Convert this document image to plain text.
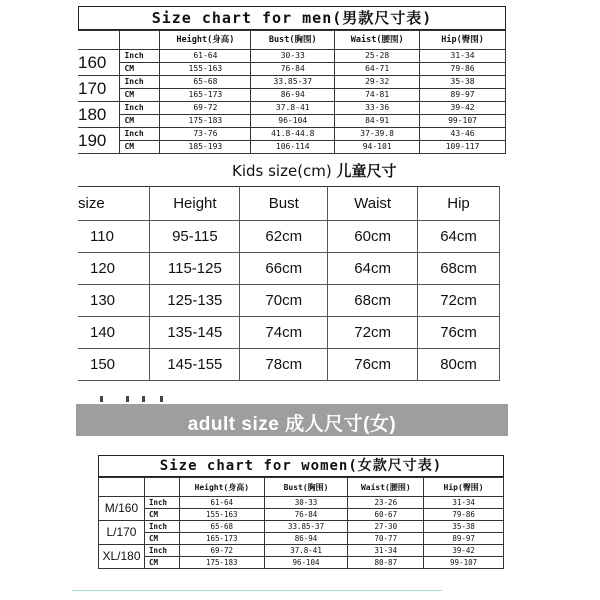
Size chart for men(男款尺寸表)
		Height(身高)	Bust(胸围)	Waist(腰围)	Hip(臀围)
160	Inch	61-64	30-33	25-28	31-34
	CM	155-163	76-84	64-71	79-86
170	Inch	65-68	33.85-37	29-32	35-38
	CM	165-173	86-94	74-81	89-97
180	Inch	69-72	37.8-41	33-36	39-42
	CM	175-183	96-104	84-91	99-107
190	Inch	73-76	41.8-44.8	37-39.8	43-46
	CM	185-193	106-114	94-101	109-117
Kids size(cm) 儿童尺寸
size	Height	Bust	Waist	Hip
110	95-115	62cm	60cm	64cm
120	115-125	66cm	64cm	68cm
130	125-135	70cm	68cm	72cm
140	135-145	74cm	72cm	76cm
150	145-155	78cm	76cm	80cm
adult size 成人尺寸(女)
Size chart for women(女款尺寸表)
		Height(身高)	Bust(胸围)	Waist(腰围)	Hip(臀围)
M/160	Inch	61-64	30-33	23-26	31-34
	CM	155-163	76-84	60-67	79-86
L/170	Inch	65-68	33.85-37	27-30	35-38
	CM	165-173	86-94	70-77	89-97
XL/180	Inch	69-72	37.8-41	31-34	39-42
	CM	175-183	96-104	80-87	99-107
